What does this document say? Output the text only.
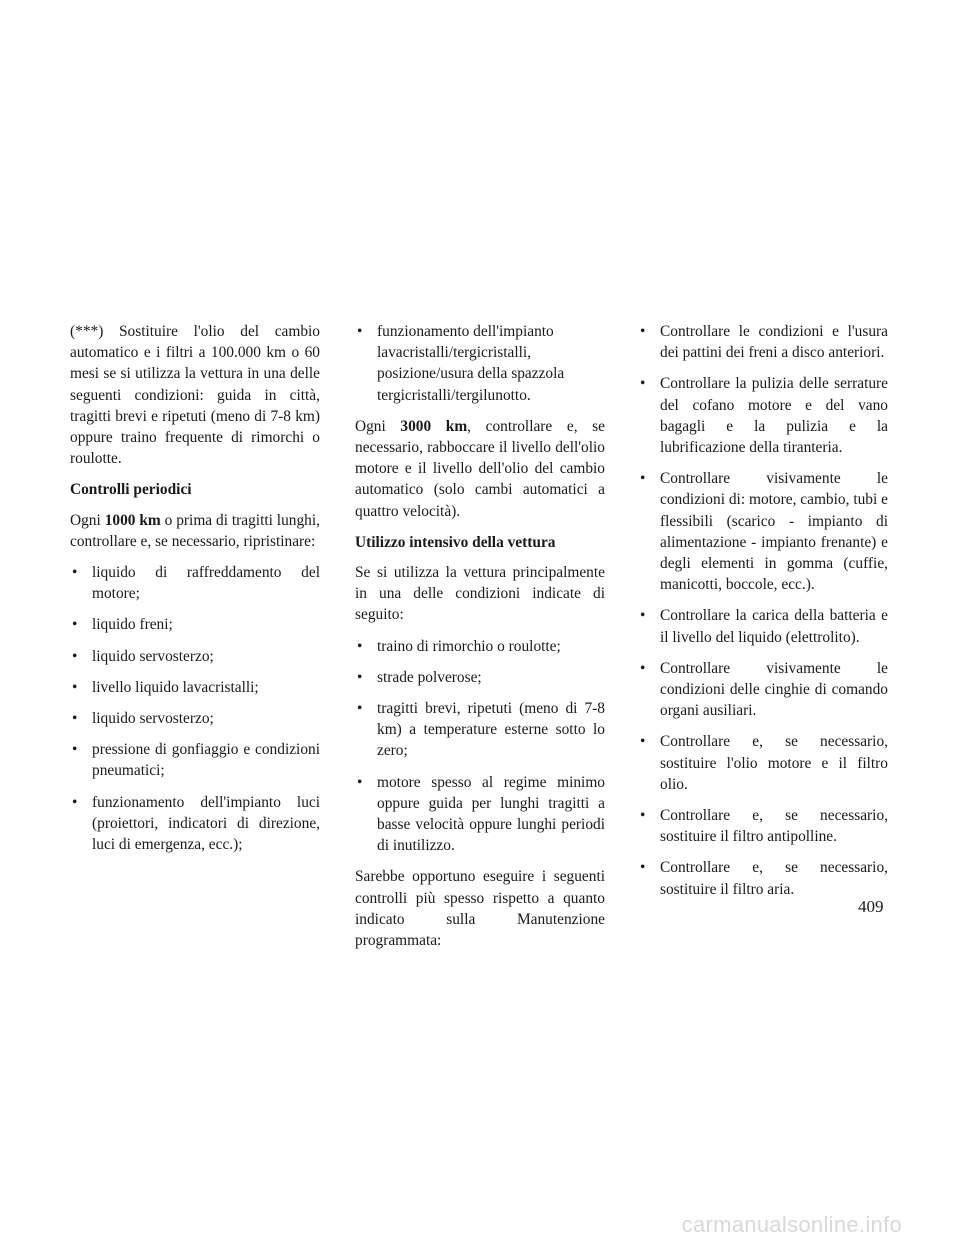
(***) Sostituire l'olio del cambio automatico e i filtri a 100.000 km o 60 mesi se si utilizza la vettura in una delle seguenti condizioni: guida in città, tragitti brevi e ripetuti (meno di 7-8 km) oppure traino frequente di rimorchi o roulotte.

Controlli periodici

Ogni 1000 km o prima di tragitti lunghi, controllare e, se necessario, ripristinare:

• liquido di raffreddamento del motore;
• liquido freni;
• liquido servosterzo;
• livello liquido lavacristalli;
• liquido servosterzo;
• pressione di gonfiaggio e condizioni pneumatici;
• funzionamento dell'impianto luci (proiettori, indicatori di direzione, luci di emergenza, ecc.);
• funzionamento dell'impianto lavacristalli/tergicristalli, posizione/usura della spazzola tergicristalli/tergilunotto.

Ogni 3000 km, controllare e, se necessario, rabboccare il livello dell'olio motore e il livello dell'olio del cambio automatico (solo cambi automatici a quattro velocità).

Utilizzo intensivo della vettura

Se si utilizza la vettura principalmente in una delle condizioni indicate di seguito:

• traino di rimorchio o roulotte;
• strade polverose;
• tragitti brevi, ripetuti (meno di 7-8 km) a temperature esterne sotto lo zero;
• motore spesso al regime minimo oppure guida per lunghi tragitti a basse velocità oppure lunghi periodi di inutilizzo.

Sarebbe opportuno eseguire i seguenti controlli più spesso rispetto a quanto indicato sulla Manutenzione programmata:

• Controllare le condizioni e l'usura dei pattini dei freni a disco anteriori.
• Controllare la pulizia delle serrature del cofano motore e del vano bagagli e la pulizia e la lubrificazione della tiranteria.
• Controllare visivamente le condizioni di: motore, cambio, tubi e flessibili (scarico - impianto di alimentazione - impianto frenante) e degli elementi in gomma (cuffie, manicotti, boccole, ecc.).
• Controllare la carica della batteria e il livello del liquido (elettrolito).
• Controllare visivamente le condizioni delle cinghie di comando organi ausiliari.
• Controllare e, se necessario, sostituire l'olio motore e il filtro olio.
• Controllare e, se necessario, sostituire il filtro antipolline.
• Controllare e, se necessario, sostituire il filtro aria.
409
carmanualsonline.info
